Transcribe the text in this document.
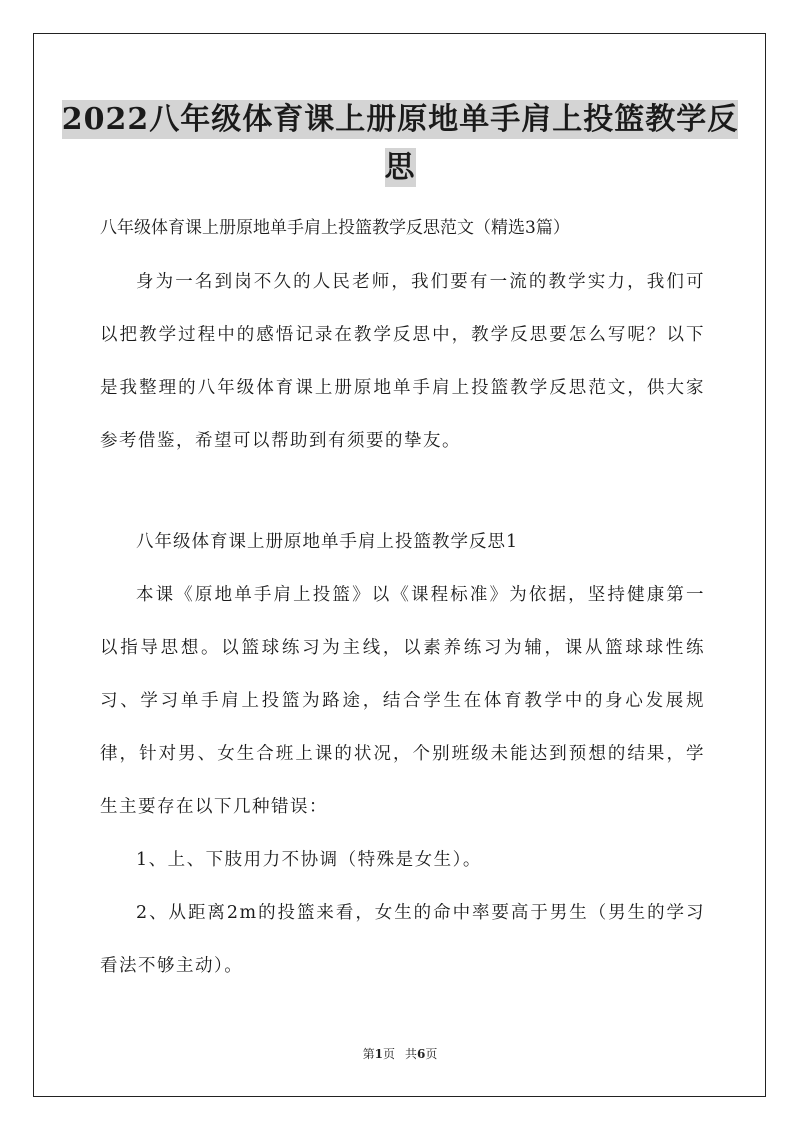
2022八年级体育课上册原地单手肩上投篮教学反思
八年级体育课上册原地单手肩上投篮教学反思范文（精选3篇）

身为一名到岗不久的人民老师，我们要有一流的教学实力，我们可以把教学过程中的感悟记录在教学反思中，教学反思要怎么写呢？以下是我整理的八年级体育课上册原地单手肩上投篮教学反思范文，供大家参考借鉴，希望可以帮助到有须要的挚友。

八年级体育课上册原地单手肩上投篮教学反思1

本课《原地单手肩上投篮》以《课程标准》为依据，坚持健康第一以指导思想。以篮球练习为主线，以素养练习为辅，课从篮球球性练习、学习单手肩上投篮为路途，结合学生在体育教学中的身心发展规律，针对男、女生合班上课的状况，个别班级未能达到预想的结果，学生主要存在以下几种错误：

1、上、下肢用力不协调（特殊是女生）。

2、从距离2m的投篮来看，女生的命中率要高于男生（男生的学习看法不够主动）。

第1页 共6页
